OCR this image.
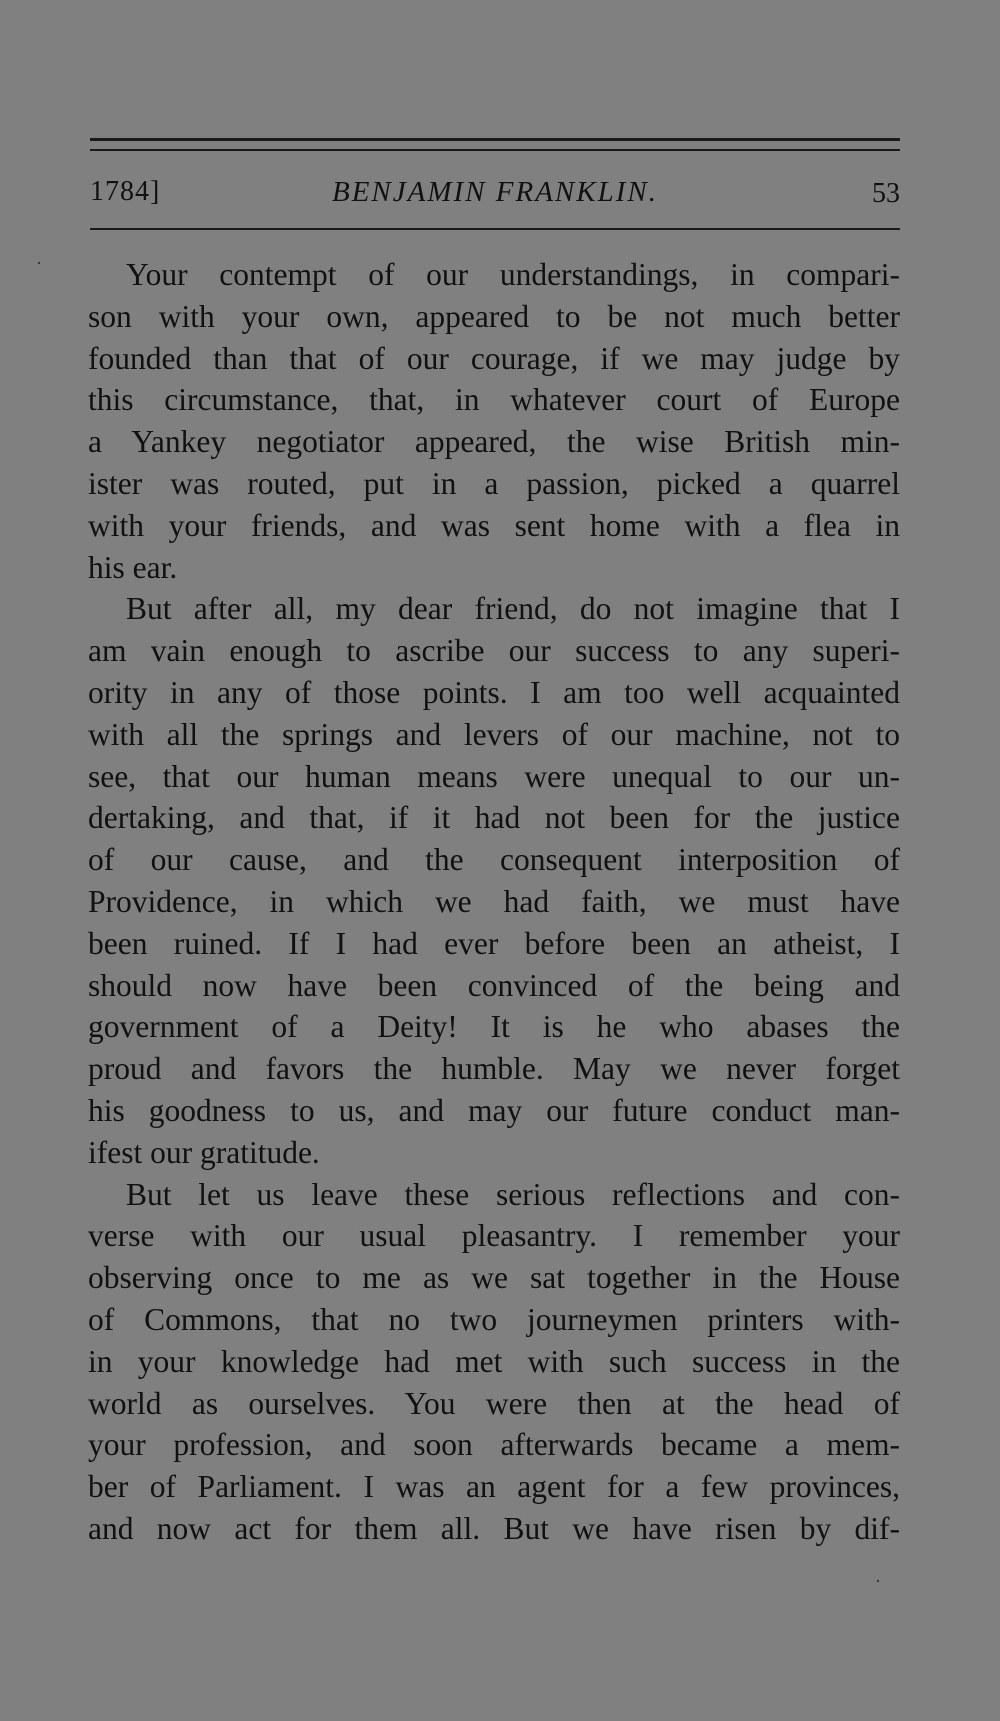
1784]	BENJAMIN FRANKLIN.	53
Your contempt of our understandings, in compari-
son with your own, appeared to be not much better
founded than that of our courage, if we may judge by
this circumstance, that, in whatever court of Europe
a Yankey negotiator appeared, the wise British min-
ister was routed, put in a passion, picked a quarrel
with your friends, and was sent home with a flea in
his ear.
But after all, my dear friend, do not imagine that I
am vain enough to ascribe our success to any superi-
ority in any of those points. I am too well acquainted
with all the springs and levers of our machine, not to
see, that our human means were unequal to our un-
dertaking, and that, if it had not been for the justice
of our cause, and the consequent interposition of
Providence, in which we had faith, we must have
been ruined. If I had ever before been an atheist, I
should now have been convinced of the being and
government of a Deity! It is he who abases the
proud and favors the humble. May we never forget
his goodness to us, and may our future conduct man-
ifest our gratitude.
But let us leave these serious reflections and con-
verse with our usual pleasantry. I remember your
observing once to me as we sat together in the House
of Commons, that no two journeymen printers with-
in your knowledge had met with such success in the
world as ourselves. You were then at the head of
your profession, and soon afterwards became a mem-
ber of Parliament. I was an agent for a few provinces,
and now act for them all. But we have risen by dif-
